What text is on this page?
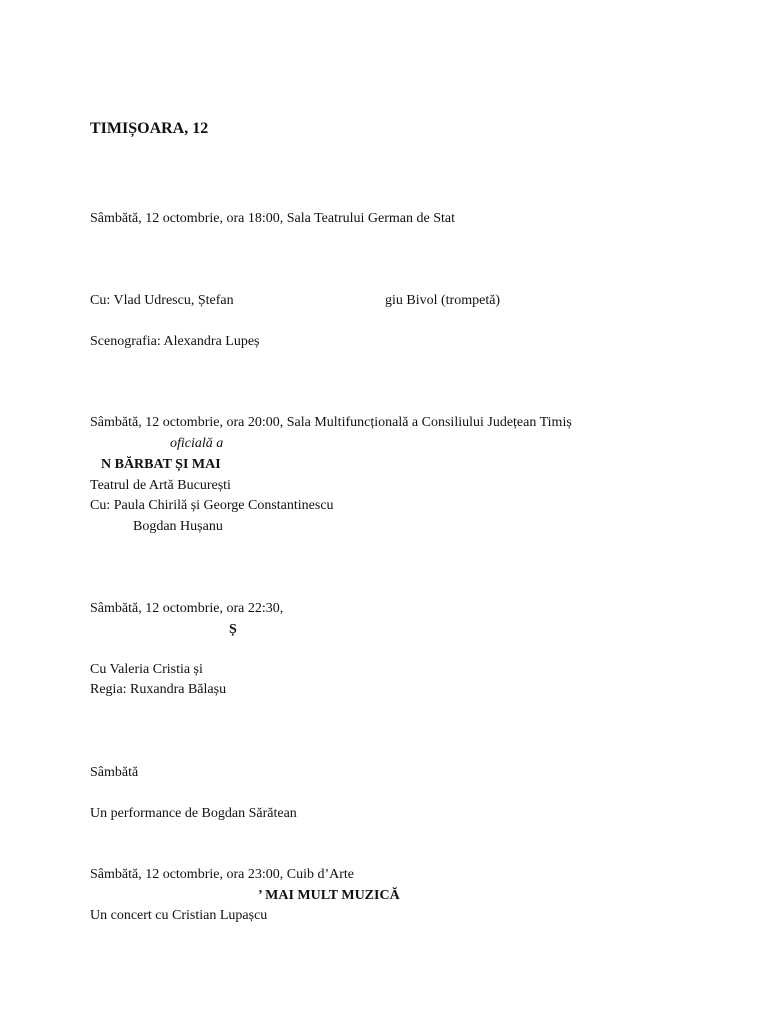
TIMIȘOARA, 12
Sâmbătă, 12 octombrie, ora 18:00, Sala Teatrului German de Stat
Cu: Vlad Udrescu, Ștefan	giu Bivol (trompetă)
Scenografia: Alexandra Lupeș
Sâmbătă, 12 octombrie, ora 20:00, Sala Multifuncțională a Consiliului Județean Timiș
oficială a
N BĂRBAT ȘI MAI
Teatrul de Artă București
Cu: Paula Chirilă și George Constantinescu
Bogdan Hușanu
Sâmbătă, 12 octombrie, ora 22:30,
Ș
Cu Valeria Cristia și
Regia: Ruxandra Bălașu
Sâmbătă
Un performance de Bogdan Sărătean
Sâmbătă, 12 octombrie, ora 23:00, Cuib d’Arte
’ MAI MULT MUZICĂ
Un concert cu Cristian Lupașcu
